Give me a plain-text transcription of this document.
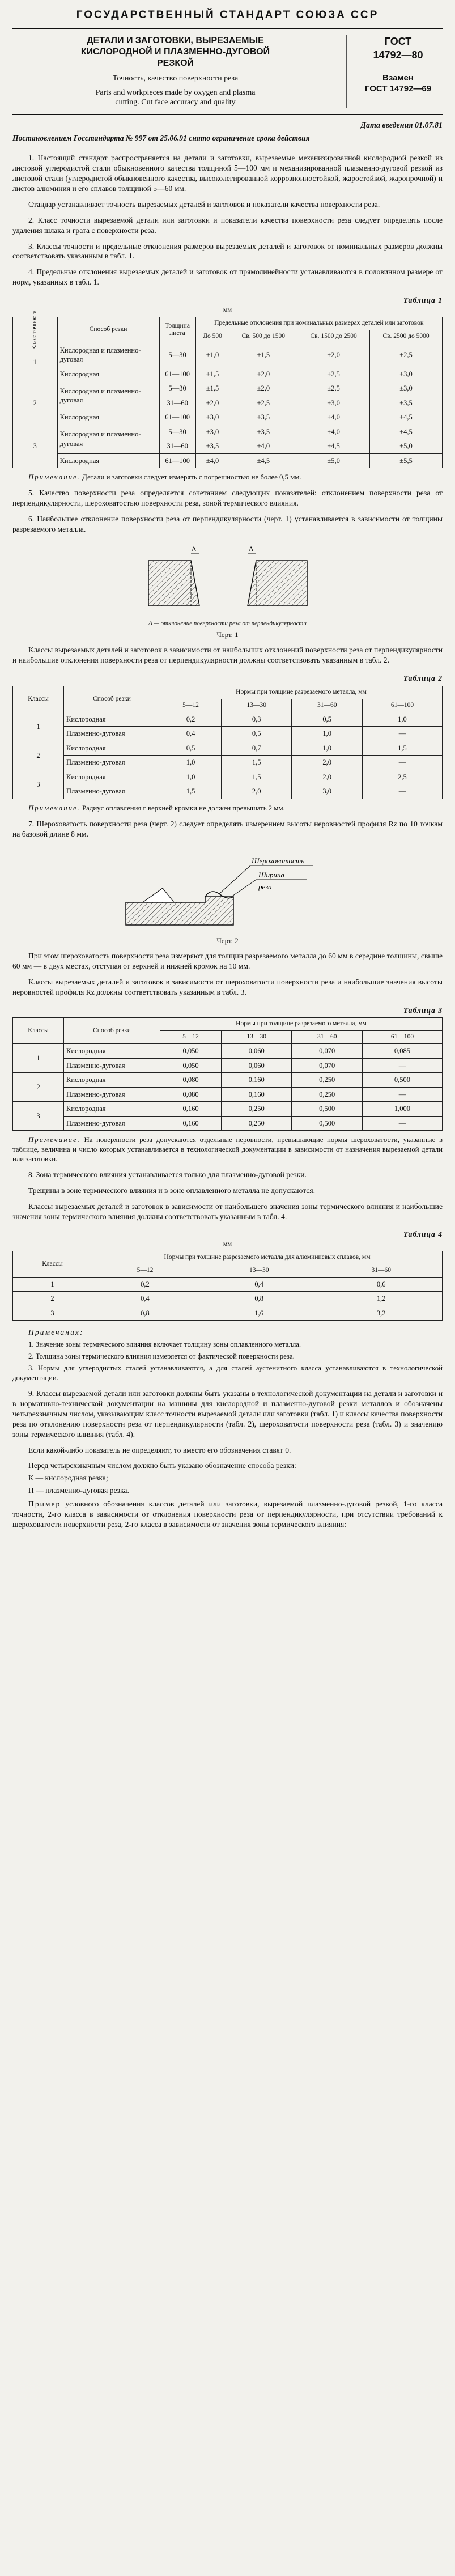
ГОСУДАРСТВЕННЫЙ СТАНДАРТ СОЮЗА ССР
ДЕТАЛИ И ЗАГОТОВКИ, ВЫРЕЗАЕМЫЕ
КИСЛОРОДНОЙ И ПЛАЗМЕННО-ДУГОВОЙ
РЕЗКОЙ
Точность, качество поверхности реза
Parts and workpieces made by oxygen and plasma
cutting. Cut face accuracy and quality
ГОСТ
14792—80
Взамен
ГОСТ 14792—69
Дата введения 01.07.81
Постановлением Госстандарта № 997 от 25.06.91 снято ограничение срока действия

1. Настоящий стандарт распространяется на детали и заготовки, вырезаемые механизированной кислородной резкой из листовой углеродистой стали обыкновенного качества толщиной 5—100 мм и механизированной плазменно-дуговой резкой из листовой стали (углеродистой обыкновенного качества, высоколегированной коррозионностойкой, жаростойкой, жаропрочной) и листов алюминия и его сплавов толщиной 5—60 мм.

Стандар устанавливает точность вырезаемых деталей и заготовок и показатели качества поверхности реза.

2. Класс точности вырезаемой детали или заготовки и показатели качества поверхности реза следует определять после удаления шлака и грата с поверхности реза.

3. Классы точности и предельные отклонения размеров вырезаемых деталей и заготовок от номинальных размеров должны соответствовать указанным в табл. 1.

4. Предельные отклонения вырезаемых деталей и заготовок от прямолинейности устанавливаются в половинном размере от норм, указанных в табл. 1.

Таблица 1
мм
Класс точности	Способ резки	Толщина листа	Предельные отклонения при номинальных размерах деталей или заготовок			
			До 500	Св. 500 до 1500	Св. 1500 до 2500	Св. 2500 до 5000
1	Кислородная и плазменно-дуговая	5—30	±1,0	±1,5	±2,0	±2,5
	Кислородная	61—100	±1,5	±2,0	±2,5	±3,0
2	Кислородная и плазменно-дуговая	5—30	±1,5	±2,0	±2,5	±3,0
		31—60	±2,0	±2,5	±3,0	±3,5
	Кислородная	61—100	±3,0	±3,5	±4,0	±4,5
3	Кислородная и плазменно-дуговая	5—30	±3,0	±3,5	±4,0	±4,5
		31—60	±3,5	±4,0	±4,5	±5,0
	Кислородная	61—100	±4,0	±4,5	±5,0	±5,5
Примечание. Детали и заготовки следует измерять с погрешностью не более 0,5 мм.

5. Качество поверхности реза определяется сочетанием следующих показателей: отклонением поверхности реза от перпендикулярности, шероховатостью поверхности реза, зоной термического влияния.

6. Наибольшее отклонение поверхности реза от перпендикулярности (черт. 1) устанавливается в зависимости от толщины разрезаемого металла.

Δ	Δ
Δ — отклонение поверхности реза от перпендикулярности
Черт. 1

Классы вырезаемых деталей и заготовок в зависимости от наибольших отклонений поверхности реза от перпендикулярности и наибольшие отклонения поверхности реза от перпендикулярности должны соответствовать указанным в табл. 2.

Таблица 2
Классы	Способ резки	Нормы при толщине разрезаемого металла, мм			
		5—12	13—30	31—60	61—100
1	Кислородная	0,2	0,3	0,5	1,0
	Плазменно-дуговая	0,4	0,5	1,0	—
2	Кислородная	0,5	0,7	1,0	1,5
	Плазменно-дуговая	1,0	1,5	2,0	—
3	Кислородная	1,0	1,5	2,0	2,5
	Плазменно-дуговая	1,5	2,0	3,0	—
Примечание. Радиус оплавления г верхней кромки не должен превышать 2 мм.

7. Шероховатость поверхности реза (черт. 2) следует определять измерением высоты неровностей профиля Rz по 10 точкам на базовой длине 8 мм.

Шероховатость
Ширина
реза
Черт. 2

При этом шероховатость поверхности реза измеряют для толщин разрезаемого металла до 60 мм в середине толщины, свыше 60 мм — в двух местах, отступая от верхней и нижней кромок на 10 мм.

Классы вырезаемых деталей и заготовок в зависимости от шероховатости поверхности реза и наибольшие значения высоты неровностей профиля Rz должны соответствовать указанным в табл. 3.

Таблица 3
Классы	Способ резки	Нормы при толщине разрезаемого металла, мм			
		5—12	13—30	31—60	61—100
1	Кислородная	0,050	0,060	0,070	0,085
	Плазменно-дуговая	0,050	0,060	0,070	—
2	Кислородная	0,080	0,160	0,250	0,500
	Плазменно-дуговая	0,080	0,160	0,250	—
3	Кислородная	0,160	0,250	0,500	1,000
	Плазменно-дуговая	0,160	0,250	0,500	—
Примечание. На поверхности реза допускаются отдельные неровности, превышающие нормы шероховатости, указанные в таблице, величина и число которых устанавливается в технологической документации в зависимости от назначения вырезаемой детали или заготовки.

8. Зона термического влияния устанавливается только для плазменно-дуговой резки.

Трещины в зоне термического влияния и в зоне оплавленного металла не допускаются.

Классы вырезаемых деталей и заготовок в зависимости от наибольшего значения зоны термического влияния и наибольшие значения зоны термического влияния должны соответствовать указанным в табл. 4.

Таблица 4
мм
Классы	Нормы при толщине разрезаемого металла для алюминиевых сплавов, мм		
	5—12	13—30	31—60
1	0,2	0,4	0,6
2	0,4	0,8	1,2
3	0,8	1,6	3,2
Примечания:
1. Значение зоны термического влияния включает толщину зоны оплавленного металла.
2. Толщина зоны термического влияния измеряется от фактической поверхности реза.
3. Нормы для углеродистых сталей устанавливаются, а для сталей аустенитного класса устанавливаются в технологической документации.

9. Классы вырезаемой детали или заготовки должны быть указаны в технологической документации на детали и заготовки и в нормативно-технической документации на машины для кислородной и плазменно-дуговой резки металлов и обозначены четырехзначным числом, указывающим класс точности вырезаемой детали или заготовки (табл. 1) и классы качества поверхности реза по отклонению поверхности реза от перпендикулярности (табл. 2), шероховатости поверхности реза (табл. 3) и значению зоны термического влияния (табл. 4).

Если какой-либо показатель не определяют, то вместо его обозначения ставят 0.

Перед четырехзначным числом должно быть указано обозначение способа резки:

К — кислородная резка;
П — плазменно-дуговая резка.

Пример условного обозначения классов деталей или заготовки, вырезаемой плазменно-дуговой резкой, 1-го класса точности, 2-го класса в зависимости от отклонения поверхности реза от перпендикулярности, при отсутствии требований к шероховатости поверхности реза, 2-го класса в зависимости от значения зоны термического влияния:
